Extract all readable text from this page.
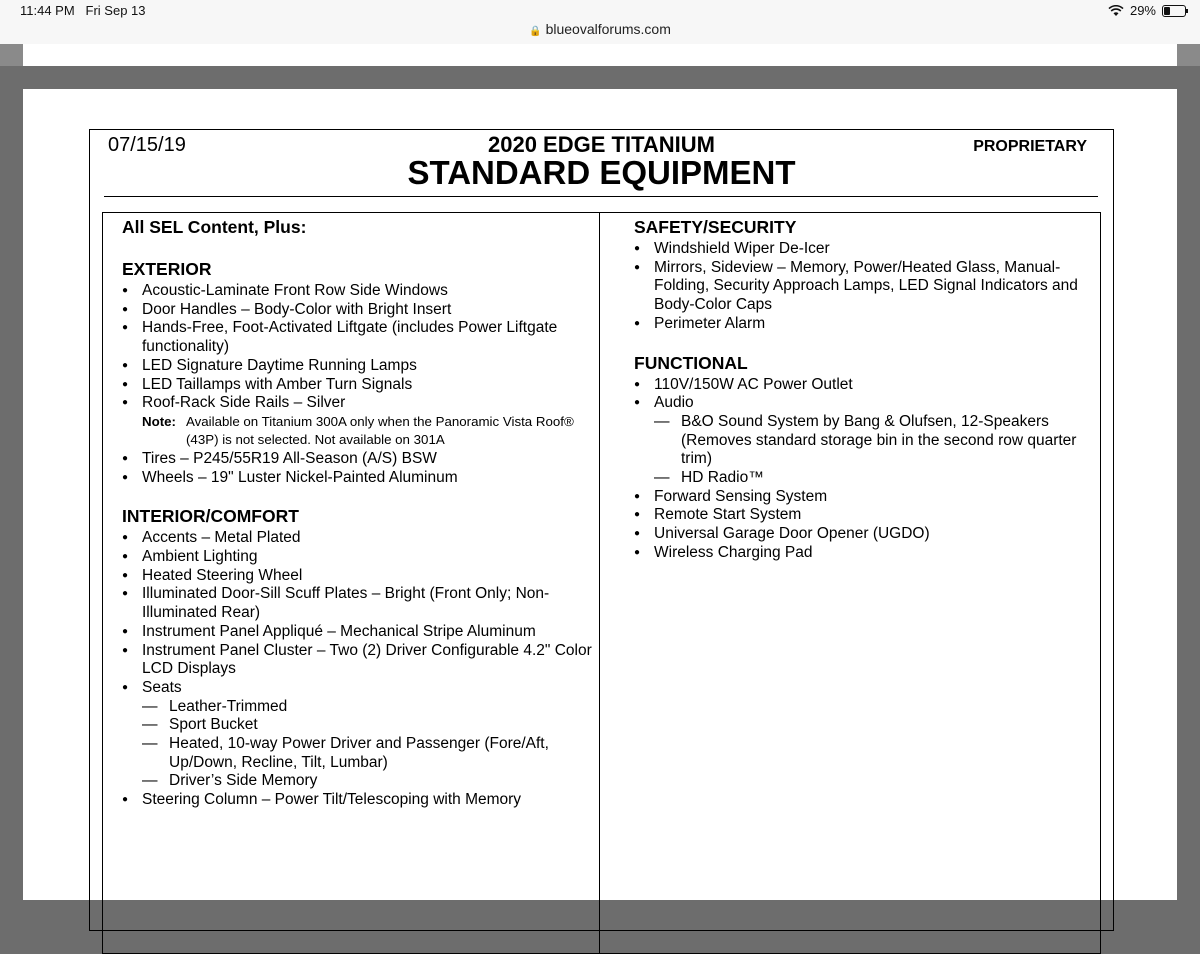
11:44 PM Fri Sep 13	29%
🔒 blueovalforums.com
07/15/19	2020 EDGE TITANIUM
STANDARD EQUIPMENT
PROPRIETARY
All SEL Content, Plus:
EXTERIOR
● Acoustic-Laminate Front Row Side Windows
● Door Handles – Body-Color with Bright Insert
● Hands-Free, Foot-Activated Liftgate (includes Power Liftgate functionality)
● LED Signature Daytime Running Lamps
● LED Taillamps with Amber Turn Signals
● Roof-Rack Side Rails – Silver
Note: Available on Titanium 300A only when the Panoramic Vista Roof® (43P) is not selected. Not available on 301A
● Tires – P245/55R19 All-Season (A/S) BSW
● Wheels – 19" Luster Nickel-Painted Aluminum
INTERIOR/COMFORT
● Accents – Metal Plated
● Ambient Lighting
● Heated Steering Wheel
● Illuminated Door-Sill Scuff Plates – Bright (Front Only; Non-Illuminated Rear)
● Instrument Panel Appliqué – Mechanical Stripe Aluminum
● Instrument Panel Cluster – Two (2) Driver Configurable 4.2" Color LCD Displays
● Seats
— Leather-Trimmed
— Sport Bucket
— Heated, 10-way Power Driver and Passenger (Fore/Aft, Up/Down, Recline, Tilt, Lumbar)
— Driver’s Side Memory
● Steering Column – Power Tilt/Telescoping with Memory
SAFETY/SECURITY
● Windshield Wiper De-Icer
● Mirrors, Sideview – Memory, Power/Heated Glass, Manual-Folding, Security Approach Lamps, LED Signal Indicators and Body-Color Caps
● Perimeter Alarm
FUNCTIONAL
● 110V/150W AC Power Outlet
● Audio
— B&O Sound System by Bang & Olufsen, 12-Speakers (Removes standard storage bin in the second row quarter trim)
— HD Radio™
● Forward Sensing System
● Remote Start System
● Universal Garage Door Opener (UGDO)
● Wireless Charging Pad
